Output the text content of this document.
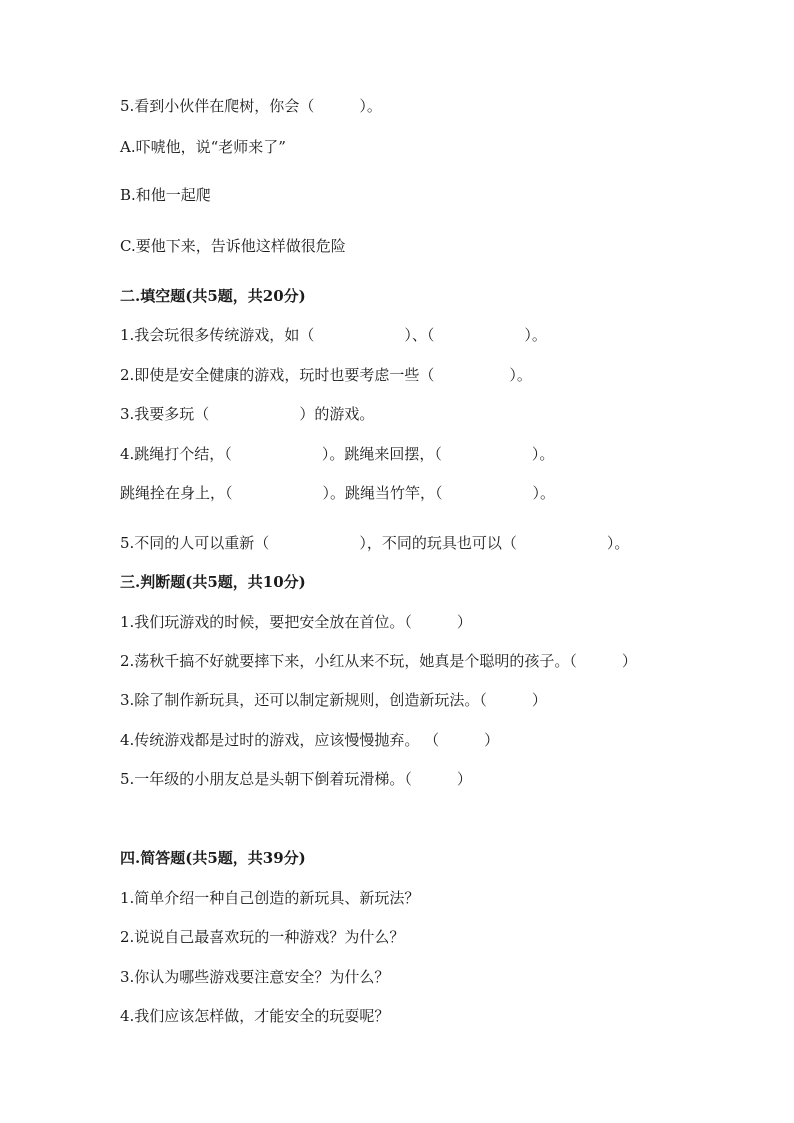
5.看到小伙伴在爬树，你会（　　　）。
A.吓唬他，说“老师来了”
B.和他一起爬
C.要他下来，告诉他这样做很危险
二.填空题(共5题，共20分)
1.我会玩很多传统游戏，如（　　　　　　）、（　　　　　　）。
2.即使是安全健康的游戏，玩时也要考虑一些（　　　　　）。
3.我要多玩（　　　　　　）的游戏。
4.跳绳打个结，（　　　　　　）。跳绳来回摆，（　　　　　　）。
跳绳拴在身上，（　　　　　　）。跳绳当竹竿，（　　　　　　）。
5.不同的人可以重新（　　　　　　），不同的玩具也可以（　　　　　　）。
三.判断题(共5题，共10分)
1.我们玩游戏的时候，要把安全放在首位。（　　　）
2.荡秋千搞不好就要摔下来，小红从来不玩，她真是个聪明的孩子。（　　　）
3.除了制作新玩具，还可以制定新规则，创造新玩法。（　　　）
4.传统游戏都是过时的游戏，应该慢慢抛弃。 （　　　）
5.一年级的小朋友总是头朝下倒着玩滑梯。（　　　）
四.简答题(共5题，共39分)
1.简单介绍一种自己创造的新玩具、新玩法？
2.说说自己最喜欢玩的一种游戏？为什么？
3.你认为哪些游戏要注意安全？为什么？
4.我们应该怎样做，才能安全的玩耍呢？
